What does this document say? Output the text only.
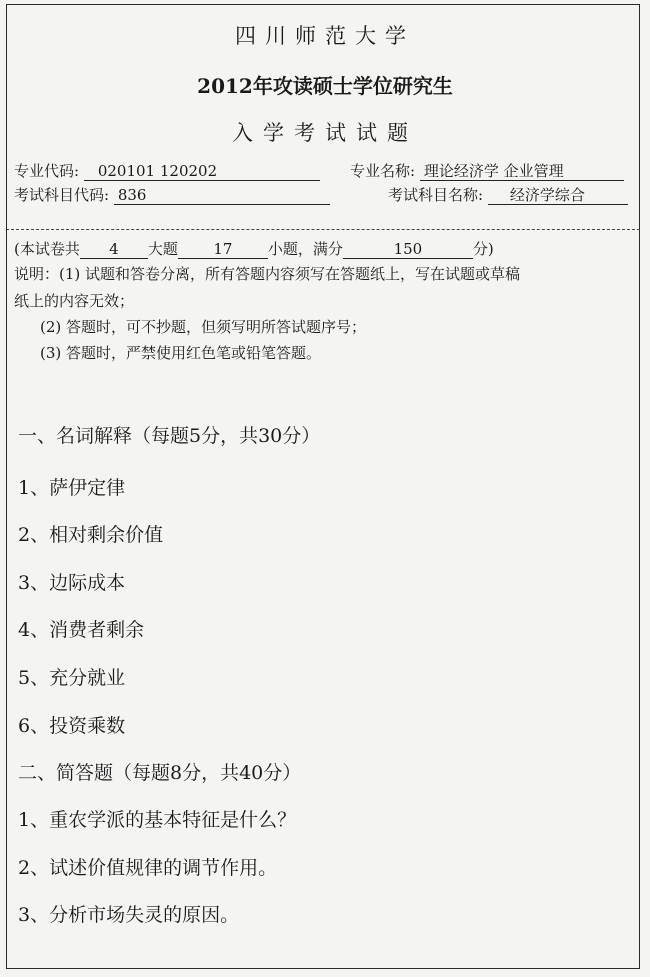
四川师范大学
2012年攻读硕士学位研究生
入学考试试题
专业代码: 020101 120202	专业名称: 理论经济学 企业管理
考试科目代码: 836	考试科目名称: 经济学综合
(本试卷共 4 大题 17 小题，满分	150	分)
说明：(1) 试题和答卷分离，所有答题内容须写在答题纸上，写在试题或草稿
纸上的内容无效；
(2) 答题时，可不抄题，但须写明所答试题序号；
(3) 答题时，严禁使用红色笔或铅笔答题。
一、名词解释（每题5分，共30分）
1、萨伊定律
2、相对剩余价值
3、边际成本
4、消费者剩余
5、充分就业
6、投资乘数
二、简答题（每题8分，共40分）
1、重农学派的基本特征是什么？
2、试述价值规律的调节作用。
3、分析市场失灵的原因。
